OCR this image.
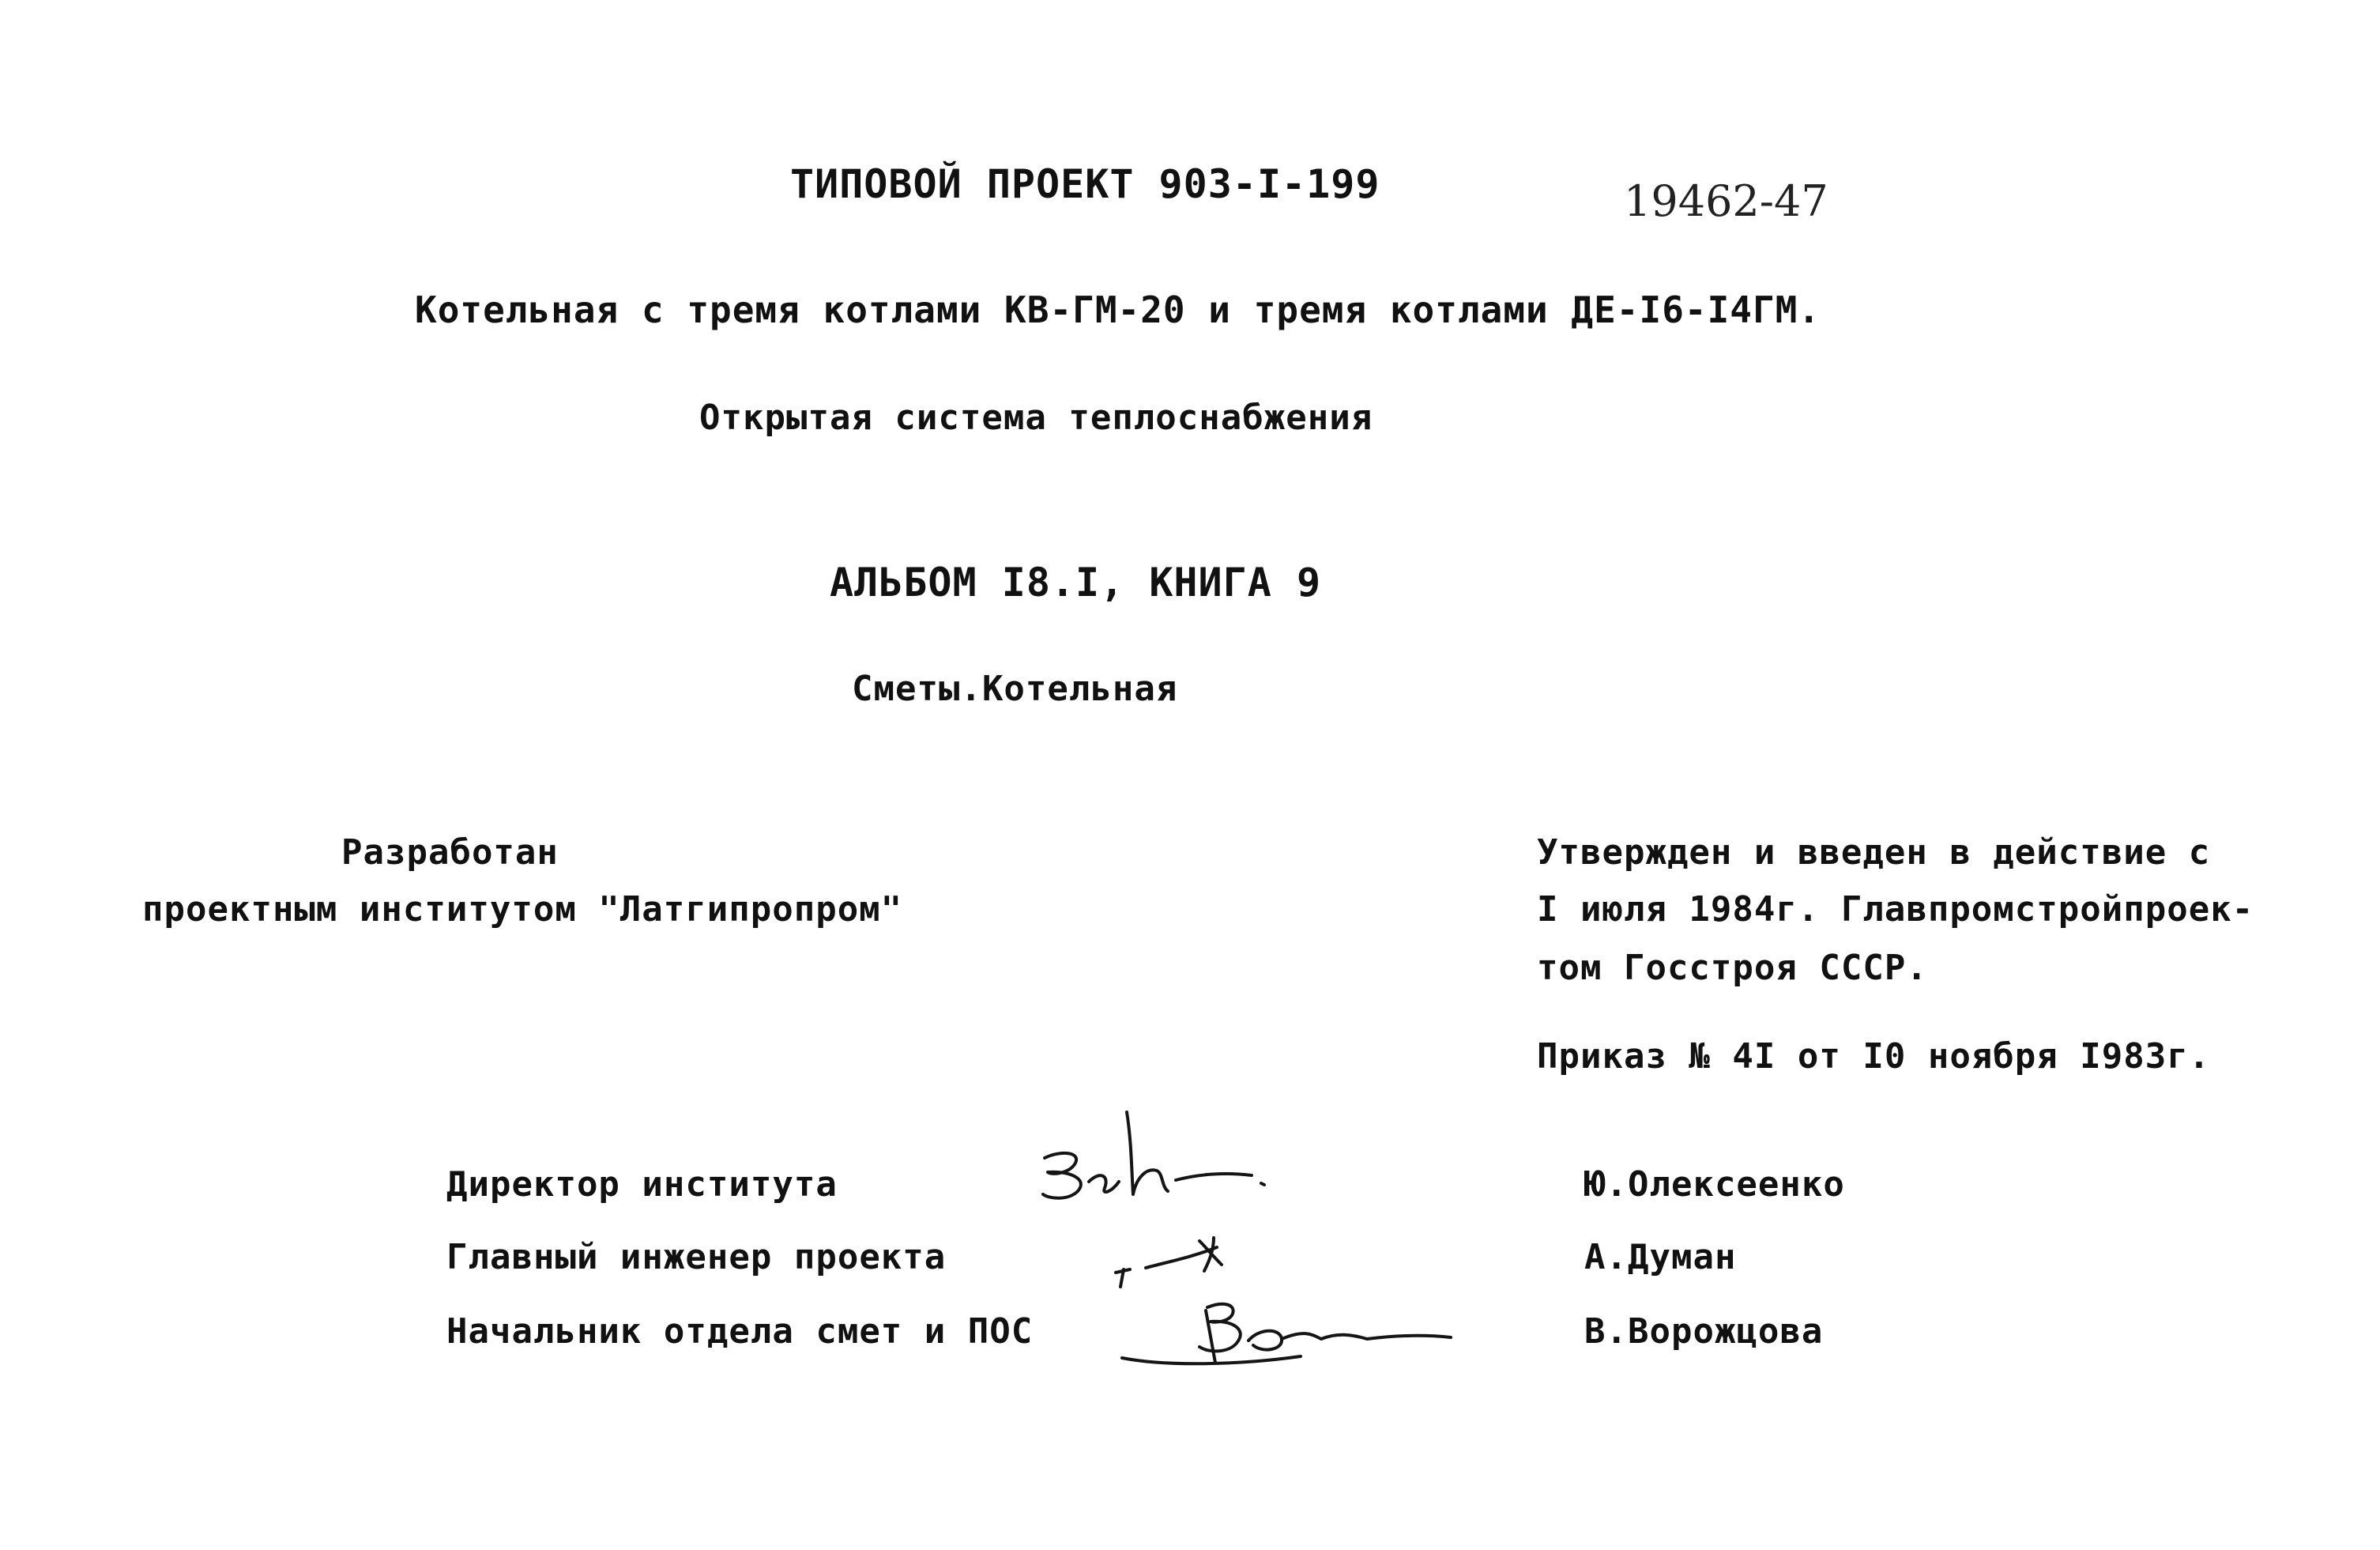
ТИПОВОЙ ПРОЕКТ 903-I-199	19462-47
Котельная с тремя котлами КВ-ГМ-20 и тремя котлами ДЕ-I6-I4ГМ.
Открытая система теплоснабжения
АЛЬБОМ I8.I, КНИГА 9
Сметы.Котельная
Разработан
проектным институтом "Латгипропром"
Утвержден и введен в действие с
I июля 1984г. Главпромстройпроек-
том Госстроя СССР.
Приказ № 4I от I0 ноября I983г.
Директор института
Главный инженер проекта
Начальник отдела смет и ПОС
Ю.Олексеенко
А.Думан
В.Ворожцова
